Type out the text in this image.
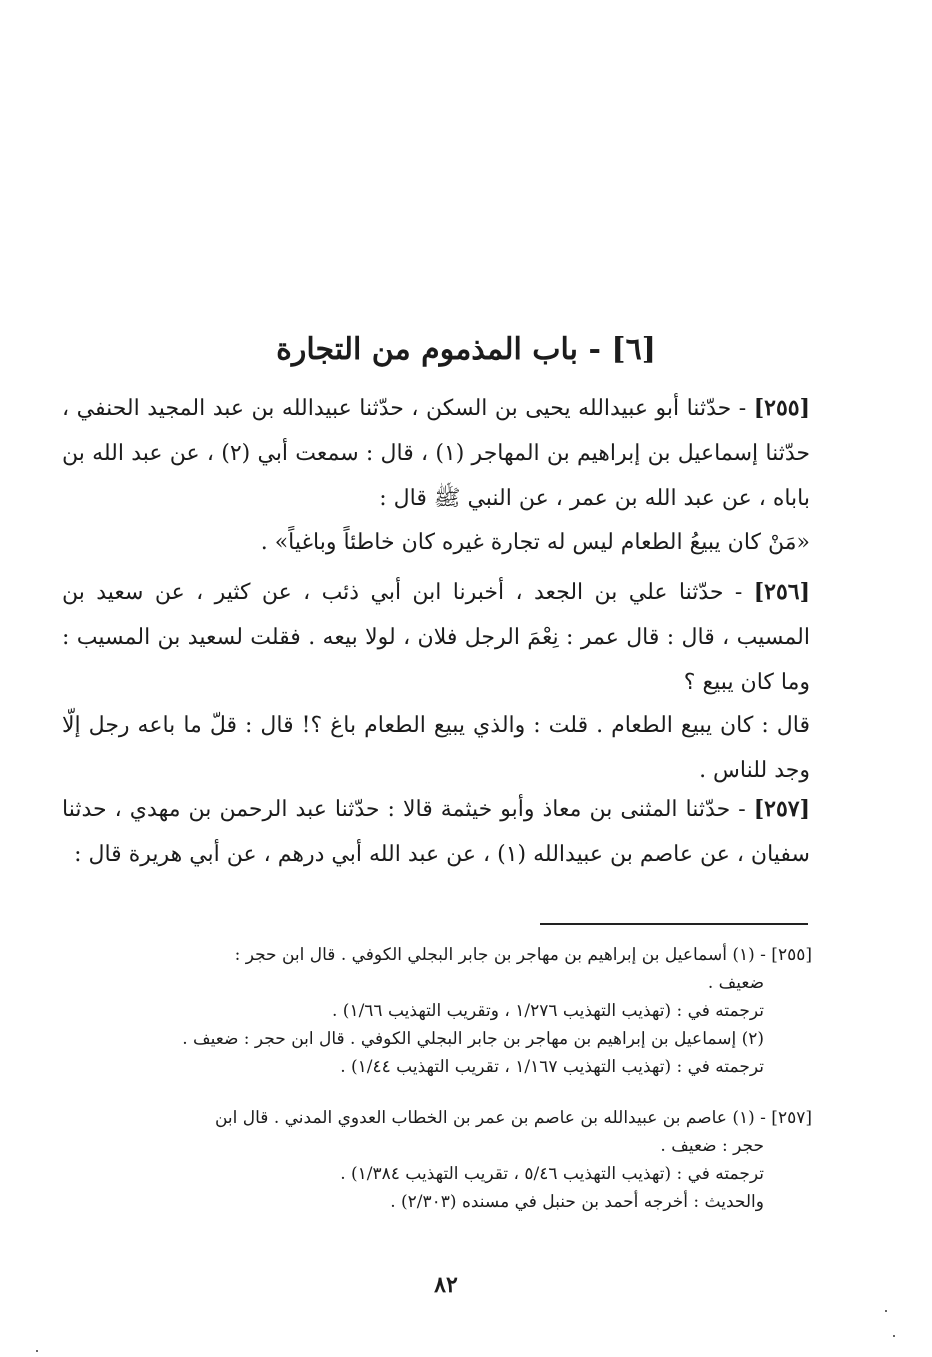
[٦] - باب المذموم من التجارة
[٢٥٥] - حدّثنا أبو عبيدالله يحيى بن السكن ، حدّثنا عبيدالله بن عبد المجيد الحنفي ، حدّثنا إسماعيل بن إبراهيم بن المهاجر (١) ، قال : سمعت أبي (٢) ، عن عبد الله بن باباه ، عن عبد الله بن عمر ، عن النبي ﷺ قال :
«مَنْ كان يبيعُ الطعام ليس له تجارة غيره كان خاطئاً وباغياً» .
[٢٥٦] - حدّثنا علي بن الجعد ، أخبرنا ابن أبي ذئب ، عن كثير ، عن سعيد بن المسيب ، قال : قال عمر : نِعْمَ الرجل فلان ، لولا بيعه . فقلت لسعيد بن المسيب : وما كان يبيع ؟
قال : كان يبيع الطعام . قلت : والذي يبيع الطعام باغ ؟! قال : قلّ ما باعه رجل إلّا وجد للناس .
[٢٥٧] - حدّثنا المثنى بن معاذ وأبو خيثمة قالا : حدّثنا عبد الرحمن بن مهدي ، حدثنا سفيان ، عن عاصم بن عبيدالله (١) ، عن عبد الله أبي درهم ، عن أبي هريرة قال :
[٢٥٥] - (١) أسماعيل بن إبراهيم بن مهاجر بن جابر البجلي الكوفي . قال ابن حجر :
ضعيف .
ترجمته في : (تهذيب التهذيب ١/٢٧٦ ، وتقريب التهذيب ١/٦٦) .
(٢) إسماعيل بن إبراهيم بن مهاجر بن جابر البجلي الكوفي . قال ابن حجر : ضعيف .
ترجمته في : (تهذيب التهذيب ١/١٦٧ ، تقريب التهذيب ١/٤٤) .
[٢٥٧] - (١) عاصم بن عبيدالله بن عاصم بن عمر بن الخطاب العدوي المدني . قال ابن
حجر : ضعيف .
ترجمته في : (تهذيب التهذيب ٥/٤٦ ، تقريب التهذيب ١/٣٨٤) .
والحديث : أخرجه أحمد بن حنبل في مسنده (٢/٣٠٣) .
٨٢
